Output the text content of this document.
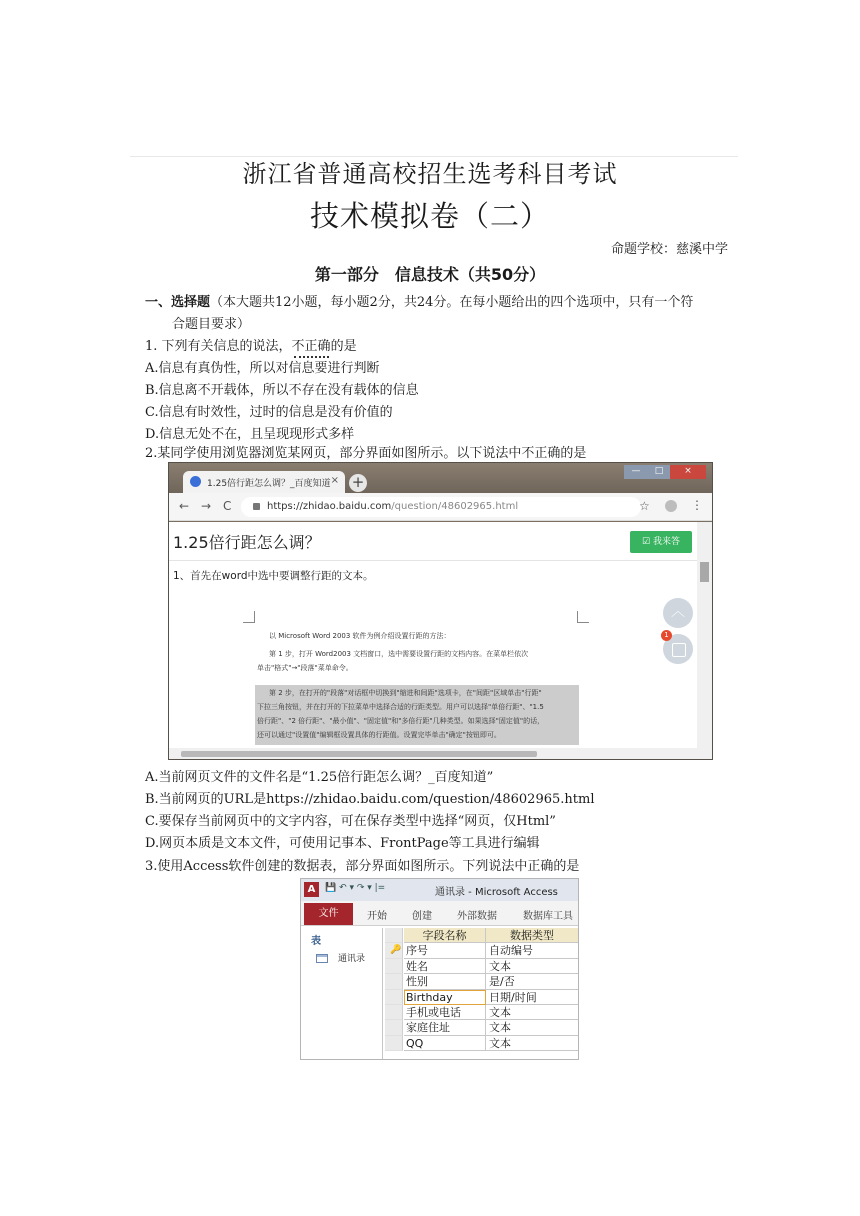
浙江省普通高校招生选考科目考试
技术模拟卷（二）
命题学校：慈溪中学
第一部分　信息技术（共50分）
一、选择题（本大题共12小题，每小题2分，共24分。在每小题给出的四个选项中，只有一个符
合题目要求）
1. 下列有关信息的说法，不正确的是
A.信息有真伪性，所以对信息要进行判断
B.信息离不开载体，所以不存在没有载体的信息
C.信息有时效性，过时的信息是没有价值的
D.信息无处不在，且呈现现形式多样
2.某同学使用浏览器浏览某网页，部分界面如图所示。以下说法中不正确的是
1.25倍行距怎么调？_百度知道 × +
—	□	×
← → C	https://zhidao.baidu.com/question/48602965.html	☆	⋮
1.25倍行距怎么调？	☑ 我来答
1、首先在word中选中要调整行距的文本。
以 Microsoft Word 2003 软件为例介绍设置行距的方法：
第 1 步，打开 Word2003 文档窗口，选中需要设置行距的文档内容。在菜单栏依次
单击"格式"→"段落"菜单命令。
第 2 步，在打开的"段落"对话框中切换到"缩进和间距"选项卡，在"间距"区域单击"行距"
下拉三角按钮，并在打开的下拉菜单中选择合适的行距类型。用户可以选择"单倍行距"、"1.5
倍行距"、"2 倍行距"、"最小值"、"固定值"和"多倍行距"几种类型。如果选择"固定值"的话，
还可以通过"设置值"编辑框设置具体的行距值。设置完毕单击"确定"按钮即可。
︿
1
A.当前网页文件的文件名是“1.25倍行距怎么调？_百度知道”
B.当前网页的URL是https://zhidao.baidu.com/question/48602965.html
C.要保存当前网页中的文字内容，可在保存类型中选择“网页，仅Html”
D.网页本质是文本文件，可使用记事本、FrontPage等工具进行编辑
3.使用Access软件创建的数据表，部分界面如图所示。下列说法中正确的是
A	💾 ↶ ▾ ↷ ▾ |=	通讯录 - Microsoft Access
文件	开始	创建	外部数据	数据库工具
表
通讯录
字段名称	数据类型
🔑 序号	自动编号
姓名	文本
性别	是/否
Birthday	日期/时间
手机或电话	文本
家庭住址	文本
QQ	文本
